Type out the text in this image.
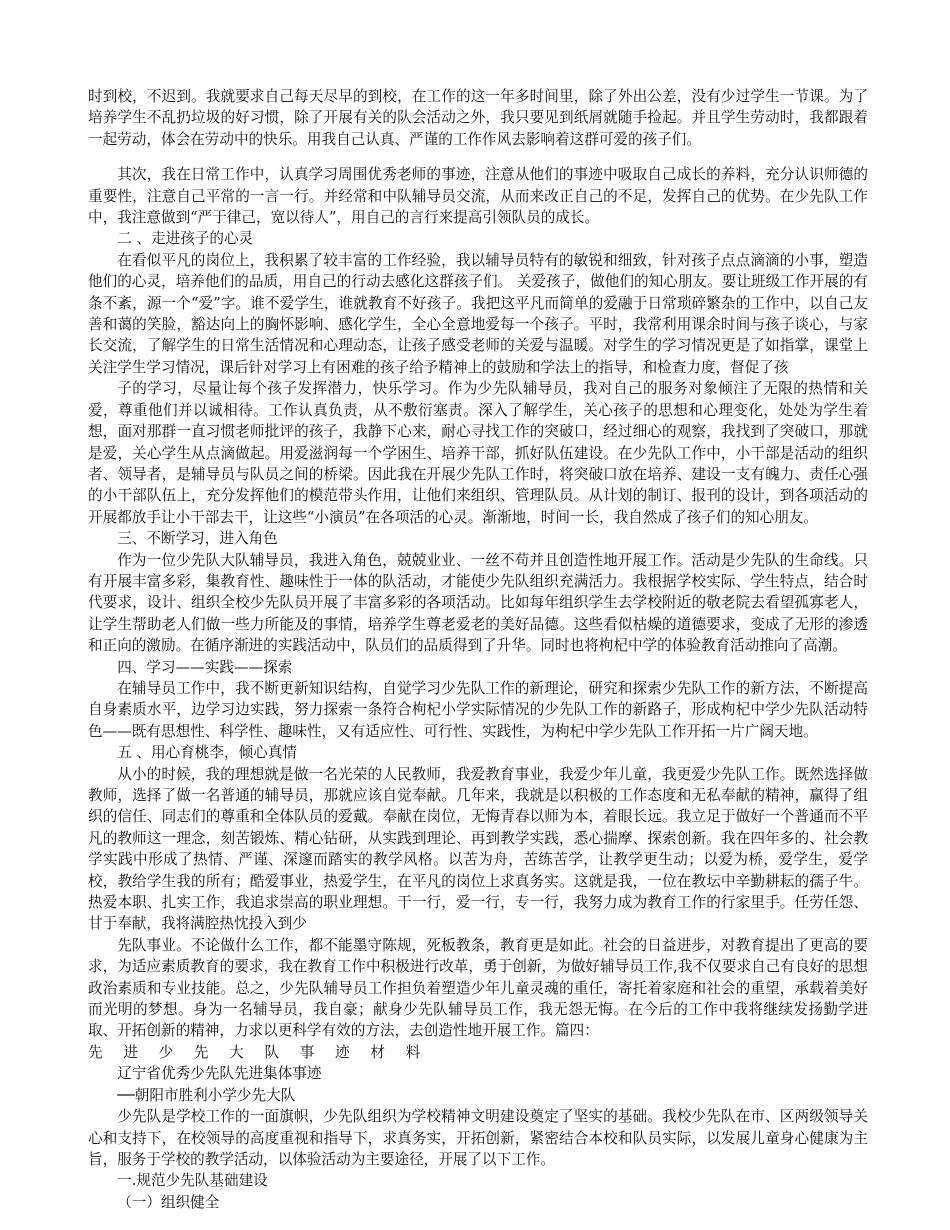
时到校，不迟到。我就要求自己每天尽早的到校，在工作的这一年多时间里，除了外出公差，没有少过学生一节课。为了培养学生不乱扔垃圾的好习惯，除了开展有关的队会活动之外，我只要见到纸屑就随手捡起。并且学生劳动时，我都跟着一起劳动，体会在劳动中的快乐。用我自己认真、严谨的工作作风去影响着这群可爱的孩子们。

其次，我在日常工作中，认真学习周围优秀老师的事迹，注意从他们的事迹中吸取自己成长的养料，充分认识师德的重要性，注意自己平常的一言一行。并经常和中队辅导员交流，从而来改正自己的不足，发挥自己的优势。在少先队工作中，我注意做到“严于律己，宽以待人”，用自己的言行来提高引领队员的成长。

二 、走进孩子的心灵

在看似平凡的岗位上，我积累了较丰富的工作经验，我以辅导员特有的敏锐和细致，针对孩子点点滴滴的小事，塑造他们的心灵，培养他们的品质，用自己的行动去感化这群孩子们。 关爱孩子，做他们的知心朋友。要让班级工作开展的有条不紊，源一个“爱”字。谁不爱学生，谁就教育不好孩子。我把这平凡而简单的爱融于日常琐碎繁杂的工作中，以自己友善和蔼的笑脸，豁达向上的胸怀影响、感化学生，全心全意地爱每一个孩子。平时，我常利用课余时间与孩子谈心，与家长交流，了解学生的日常生活情况和心理动态，让孩子感受老师的关爱与温暖。对学生的学习情况更是了如指掌，课堂上关注学生学习情况，课后针对学习上有困难的孩子给予精神上的鼓励和学法上的指导，和检查力度，督促了孩

子的学习，尽量让每个孩子发挥潜力，快乐学习。作为少先队辅导员，我对自己的服务对象倾注了无限的热情和关爱，尊重他们并以诚相待。工作认真负责，从不敷衍塞责。深入了解学生，关心孩子的思想和心理变化，处处为学生着想，面对那群一直习惯老师批评的孩子，我静下心来，耐心寻找工作的突破口，经过细心的观察，我找到了突破口，那就是爱，关心学生从点滴做起。用爱滋润每一个学困生、培养干部，抓好队伍建设。在少先队工作中，小干部是活动的组织者、领导者，是辅导员与队员之间的桥梁。因此我在开展少先队工作时，将突破口放在培养、建设一支有魄力、责任心强的小干部队伍上，充分发挥他们的模范带头作用，让他们来组织、管理队员。从计划的制订、报刊的设计，到各项活动的开展都放手让小干部去干，让这些“小演员”在各项活的心灵。渐渐地，时间一长，我自然成了孩子们的知心朋友。

三、不断学习，进入角色

作为一位少先队大队辅导员，我进入角色，兢兢业业、一丝不苟并且创造性地开展工作。活动是少先队的生命线。只有开展丰富多彩，集教育性、趣味性于一体的队活动，才能使少先队组织充满活力。我根据学校实际、学生特点，结合时代要求，设计、组织全校少先队员开展了丰富多彩的各项活动。比如每年组织学生去学校附近的敬老院去看望孤寡老人，让学生帮助老人们做一些力所能及的事情，培养学生尊老爱老的美好品德。这些看似枯燥的道德要求，变成了无形的渗透和正向的激励。在循序渐进的实践活动中，队员们的品质得到了升华。同时也将枸杞中学的体验教育活动推向了高潮。

四、学习——实践——探索

在辅导员工作中，我不断更新知识结构，自觉学习少先队工作的新理论，研究和探索少先队工作的新方法，不断提高自身素质水平，边学习边实践，努力探索一条符合枸杞小学实际情况的少先队工作的新路子，形成枸杞中学少先队活动特色——既有思想性、科学性、趣味性，又有适应性、可行性、实践性，为枸杞中学少先队工作开拓一片广阔天地。

五 、用心育桃李，倾心真情

从小的时候，我的理想就是做一名光荣的人民教师，我爱教育事业，我爱少年儿童，我更爱少先队工作。既然选择做教师，选择了做一名普通的辅导员，那就应该自觉奉献。几年来，我就是以积极的工作态度和无私奉献的精神，赢得了组织的信任、同志们的尊重和全体队员的爱戴。奉献在岗位，无悔青春以师为本，着眼长远。我立足于做好一个普通而不平凡的教师这一理念，刻苦锻炼、精心钻研，从实践到理论、再到教学实践，悉心揣摩、探索创新。我在四年多的、社会教学实践中形成了热情、严谨、深邃而踏实的教学风格。以苦为舟，苦练苦学，让教学更生动；以爱为桥，爱学生，爱学校，教给学生我的所有；酷爱事业，热爱学生，在平凡的岗位上求真务实。这就是我，一位在教坛中辛勤耕耘的孺子牛。热爱本职、扎实工作，我追求崇高的职业理想。干一行，爱一行，专一行，我努力成为教育工作的行家里手。任劳任怨、甘于奉献，我将满腔热忱投入到少

先队事业。不论做什么工作，都不能墨守陈规，死板教条，教育更是如此。社会的日益进步，对教育提出了更高的要求，为适应素质教育的要求，我在教育工作中积极进行改革，勇于创新，为做好辅导员工作,我不仅要求自己有良好的思想政治素质和专业技能。总之，少先队辅导员工作担负着塑造少年儿童灵魂的重任，寄托着家庭和社会的重望，承载着美好而光明的梦想。身为一名辅导员，我自豪；献身少先队辅导员工作，我无怨无悔。在今后的工作中我将继续发扬勤学进取、开拓创新的精神，力求以更科学有效的方法，去创造性地开展工作。篇四：

先 进 少 先 大 队 事 迹 材 料

辽宁省优秀少先队先进集体事迹

──朝阳市胜利小学少先大队

少先队是学校工作的一面旗帜，少先队组织为学校精神文明建设奠定了坚实的基础。我校少先队在市、区两级领导关心和支持下，在校领导的高度重视和指导下，求真务实，开拓创新，紧密结合本校和队员实际，以发展儿童身心健康为主旨，服务于学校的教学活动，以体验活动为主要途径，开展了以下工作。

一.规范少先队基础建设

（一）组织健全
